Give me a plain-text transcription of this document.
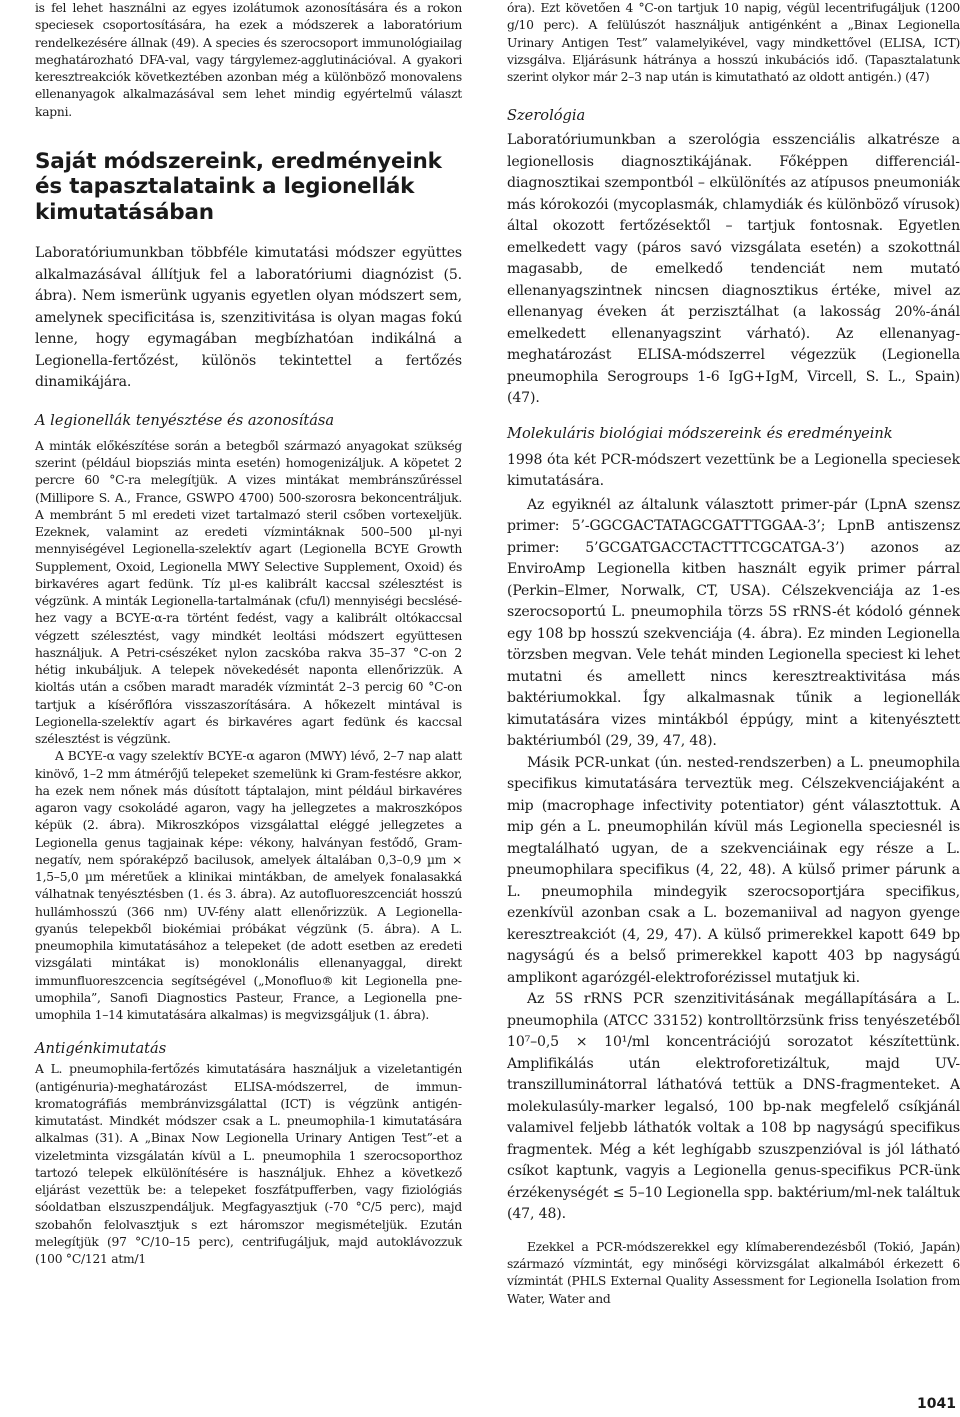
is fel lehet használni az egyes izolátumok azonosítására és a rokon speciesek csoportosítására, ha ezek a módszerek a laboratórium rendelkezésére állnak (49). A species és szerocsoport immunológiailag meghatározható DFA-val, vagy tárgylemez-agglutinációval. A gyakori keresztreakciók következtében azonban még a különböző monovalens ellenanyagok alkalmazásával sem lehet mindig egyértelmű választ kapni.

Saját módszereink, eredményeink és tapasztalataink a legionellák kimutatásában

Laboratóriumunkban többféle kimutatási módszer együttes alkalmazásával állítjuk fel a laboratóriumi diagnózist (5. ábra). Nem ismerünk ugyanis egyetlen olyan módszert sem, amelynek specificitása is, szenzitivitása is olyan magas fokú lenne, hogy egymagában megbízhatóan indikálná a Legionella-fertőzést, különös tekintettel a fertőzés dinamikájára.

A legionellák tenyésztése és azonosítása

A minták előkészítése során a betegből származó anyagokat szükség szerint (például biopsziás minta esetén) homogenizáljuk. A köpetet 2 percre 60 °C-ra melegítjük. A vizes mintákat membránszűréssel (Millipore S. A., France, GSWPO 4700) 500-szorosra bekoncentráljuk. A membránt 5 ml eredeti vizet tartalmazó steril csőben vortexeljük. Ezeknek, valamint az eredeti vízmintáknak 500–500 µl-nyi mennyiségével Legionella-szelektív agart (Legionella BCYE Growth Supplement, Oxoid, Legionella MWY Selective Supplement, Oxoid) és birkavéres agart fedünk. Tíz µl-es kalibrált kaccsal szélesztést is végzünk. A minták Legionella-tartalmának (cfu/l) mennyiségi becsléséhez vagy a BCYE-α-ra történt fedést, vagy a kalibrált oltókaccsal végzett szélesztést, vagy mindkét leoltási módszert együttesen használjuk. A Petri-csészéket nylon zacskóba rakva 35–37 °C-on 2 hétig inkubáljuk. A telepek növekedését naponta ellenőrizzük. A kioltás után a csőben maradt maradék vízmintát 2–3 percig 60 °C-on tartjuk a kísérőflóra visszaszorítására. A hőkezelt mintával is Legionella-szelektív agart és birkavéres agart fedünk és kaccsal szélesztést is végzünk.

A BCYE-α vagy szelektív BCYE-α agaron (MWY) lévő, 2–7 nap alatt kinövő, 1–2 mm átmérőjű telepeket szemelünk ki Gram-festésre akkor, ha ezek nem nőnek más dúsított táptalajon, mint például birkavéres agaron vagy csokoládé agaron, vagy ha jellegzetes a makroszkópos képük (2. ábra). Mikroszkópos vizsgálattal eléggé jellegzetes a Legionella genus tagjainak képe: vékony, halványan festődő, Gram-negatív, nem spóraképző bacilusok, amelyek általában 0,3–0,9 µm × 1,5–5,0 µm méretűek a klinikai mintákban, de amelyek fonalasakká válhatnak tenyésztésben (1. és 3. ábra). Az autofluoreszcenciát hosszú hullámhosszú (366 nm) UV-fény alatt ellenőrizzük. A Legionella-gyanús telepekből biokémiai próbákat végzünk (5. ábra). A L. pneumophila kimutatásához a telepeket (de adott esetben az eredeti vizsgálati mintákat is) monoklonális ellenanyaggal, direkt immunfluoreszcencia segítségével („Monofluo® kit Legionella pneumophila”, Sanofi Diagnostics Pasteur, France, a Legionella pneumophila 1–14 kimutatására alkalmas) is megvizsgáljuk (1. ábra).

Antigénkimutatás

A L. pneumophila-fertőzés kimutatására használjuk a vizeletantigén (antigénuria)-meghatározást ELISA-módszerrel, de immunkromatográfiás membránvizsgálattal (ICT) is végzünk antigénkimutatást. Mindkét módszer csak a L. pneumophila-1 kimutatására alkalmas (31). A „Binax Now Legionella Urinary Antigen Test”-et a vizeletminta vizsgálatán kívül a L. pneumophila 1 szerocsoporthoz tartozó telepek elkülönítésére is használjuk. Ehhez a következő eljárást vezettük be: a telepeket foszfátpufferben, vagy fiziológiás sóoldatban elszuszpendáljuk. Megfagyasztjuk (-70 °C/5 perc), majd szobahőn felolvasztjuk s ezt háromszor megismételjük. Ezután melegítjük (97 °C/10–15 perc), centrifugáljuk, majd autoklávozzuk (100 °C/121 atm/1

óra). Ezt követően 4 °C-on tartjuk 10 napig, végül lecentrifugáljuk (1200 g/10 perc). A felülúszót használjuk antigénként a „Binax Legionella Urinary Antigen Test” valamelyikével, vagy mindkettővel (ELISA, ICT) vizsgálva. Eljárásunk hátránya a hosszú inkubációs idő. (Tapasztalatunk szerint olykor már 2–3 nap után is kimutatható az oldott antigén.) (47)

Szerológia

Laboratóriumunkban a szerológia esszenciális alkatrésze a legionellosis diagnosztikájának. Főképpen differenciáldiagnosztikai szempontból – elkülönítés az atípusos pneumoniák más kórokozói (mycoplasmák, chlamydiák és különböző vírusok) által okozott fertőzésektől – tartjuk fontosnak. Egyetlen emelkedett vagy (páros savó vizsgálata esetén) a szokottnál magasabb, de emelkedő tendenciát nem mutató ellenanyagszintnek nincsen diagnosztikus értéke, mivel az ellenanyag éveken át perzisztálhat (a lakosság 20%-ánál emelkedett ellenanyagszint várható). Az ellenanyag-meghatározást ELISA-módszerrel végezzük (Legionella pneumophila Serogroups 1-6 IgG+IgM, Vircell, S. L., Spain) (47).

Molekuláris biológiai módszereink és eredményeink

1998 óta két PCR-módszert vezettünk be a Legionella speciesek kimutatására.

Az egyiknél az általunk választott primer-pár (LpnA szensz primer: 5’-GGCGACTATAGCGATTTGGAA-3’; LpnB antiszensz primer: 5’GCGATGACCTACTTTCGCATGA-3’) azonos az EnviroAmp Legionella kitben használt egyik primer párral (Perkin–Elmer, Norwalk, CT, USA). Célszekvenciája az 1-es szerocsoportú L. pneumophila törzs 5S rRNS-ét kódoló génnek egy 108 bp hosszú szekvenciája (4. ábra). Ez minden Legionella törzsben megvan. Vele tehát minden Legionella speciest ki lehet mutatni és amellett nincs keresztreaktivitása más baktériumokkal. Így alkalmasnak tűnik a legionellák kimutatására vizes mintákból éppúgy, mint a kitenyésztett baktériumból (29, 39, 47, 48).

Másik PCR-unkat (ún. nested-rendszerben) a L. pneumophila specifikus kimutatására terveztük meg. Célszekvenciájaként a mip (macrophage infectivity potentiator) gént választottuk. A mip gén a L. pneumophilán kívül más Legionella speciesnél is megtalálható ugyan, de a szekvenciáinak egy része a L. pneumophilara specifikus (4, 22, 48). A külső primer párunk a L. pneumophila mindegyik szerocsoportjára specifikus, ezenkívül azonban csak a L. bozemaniival ad nagyon gyenge keresztreakciót (4, 29, 47). A külső primerekkel kapott 649 bp nagyságú és a belső primerekkel kapott 403 bp nagyságú amplikont agarózgél-elektroforézissel mutatjuk ki.

Az 5S rRNS PCR szenzitivitásának megállapítására a L. pneumophila (ATCC 33152) kontrolltörzsünk friss tenyészetéből 10⁷–0,5 × 10¹/ml koncentrációjú sorozatot készítettünk. Amplifikálás után elektroforetizáltuk, majd UV-transzilluminátorral láthatóvá tettük a DNS-fragmenteket. A molekulasúly-marker legalsó, 100 bp-nak megfelelő csíkjánál valamivel feljebb láthatók voltak a 108 bp nagyságú specifikus fragmentek. Még a két leghígabb szuszpenzióval is jól látható csíkot kaptunk, vagyis a Legionella genus-specifikus PCR-ünk érzékenységét ≤ 5–10 Legionella spp. baktérium/ml-nek találtuk (47, 48).

Ezekkel a PCR-módszerekkel egy klímaberendezésből (Tokió, Japán) származó vízmintát, egy minőségi körvizsgálat alkalmából érkezett 6 vízmintát (PHLS External Quality Assessment for Legionella Isolation from Water, Water and

1041
